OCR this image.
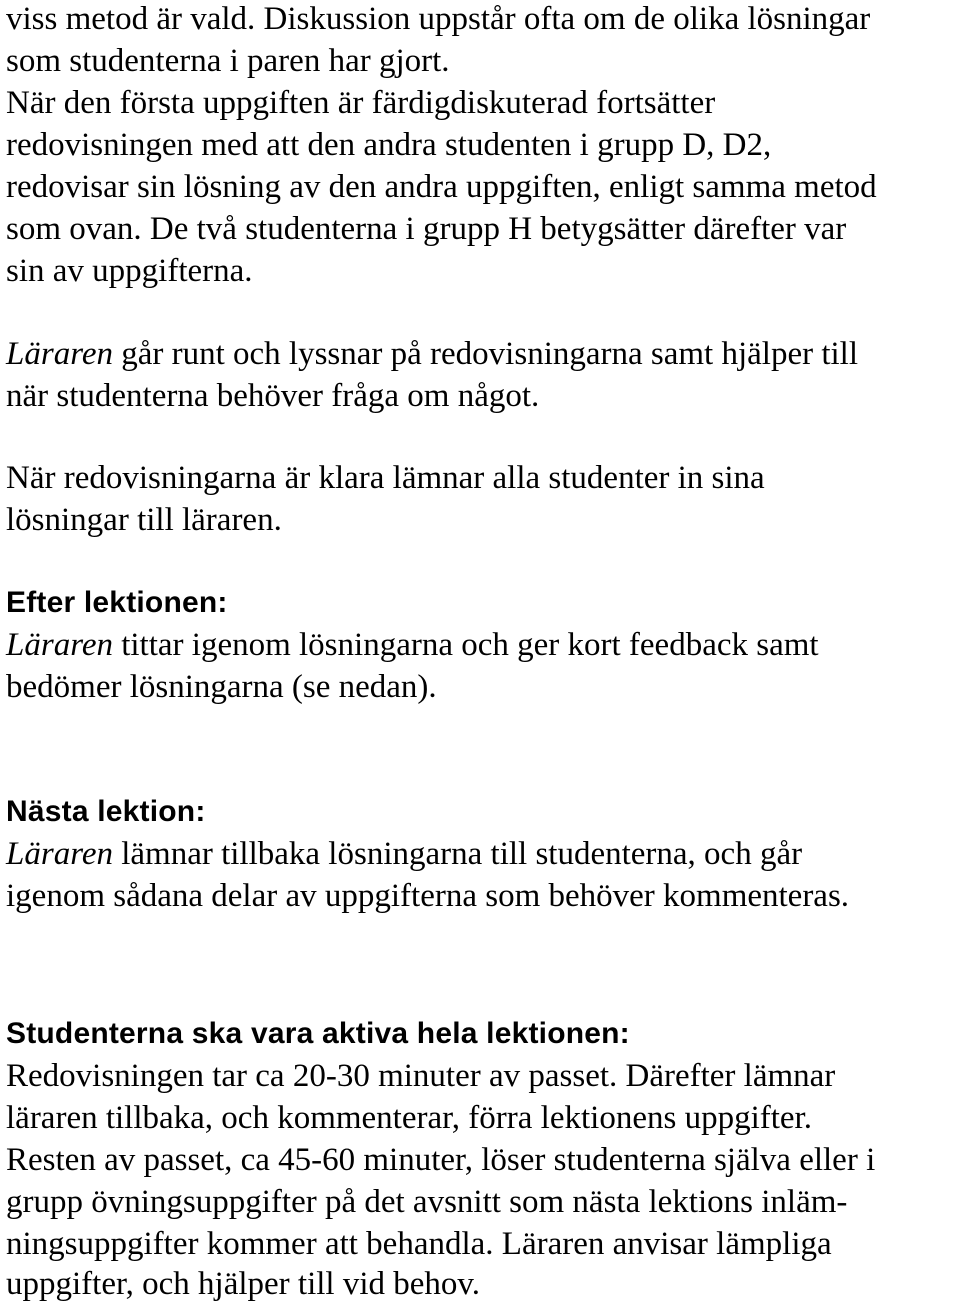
viss metod är vald. Diskussion uppstår ofta om de olika lösningar

som studenterna i paren har gjort.

När den första uppgiften är färdigdiskuterad fortsätter

redovisningen med att den andra studenten i grupp D, D2,

redovisar sin lösning av den andra uppgiften, enligt samma metod

som ovan. De två studenterna i grupp H betygsätter därefter var

sin av uppgifterna.

Läraren går runt och lyssnar på redovisningarna samt hjälper till

när studenterna behöver fråga om något.

När redovisningarna är klara lämnar alla studenter in sina

lösningar till läraren.

Efter lektionen:

Läraren tittar igenom lösningarna och ger kort feedback samt

bedömer lösningarna (se nedan).

Nästa lektion:

Läraren lämnar tillbaka lösningarna till studenterna, och går

igenom sådana delar av uppgifterna som behöver kommenteras.

Studenterna ska vara aktiva hela lektionen:

Redovisningen tar ca 20-30 minuter av passet. Därefter lämnar

läraren tillbaka, och kommenterar, förra lektionens uppgifter.

Resten av passet, ca 45-60 minuter, löser studenterna själva eller i

grupp övningsuppgifter på det avsnitt som nästa lektions inläm-

ningsuppgifter kommer att behandla. Läraren anvisar lämpliga

uppgifter, och hjälper till vid behov.
